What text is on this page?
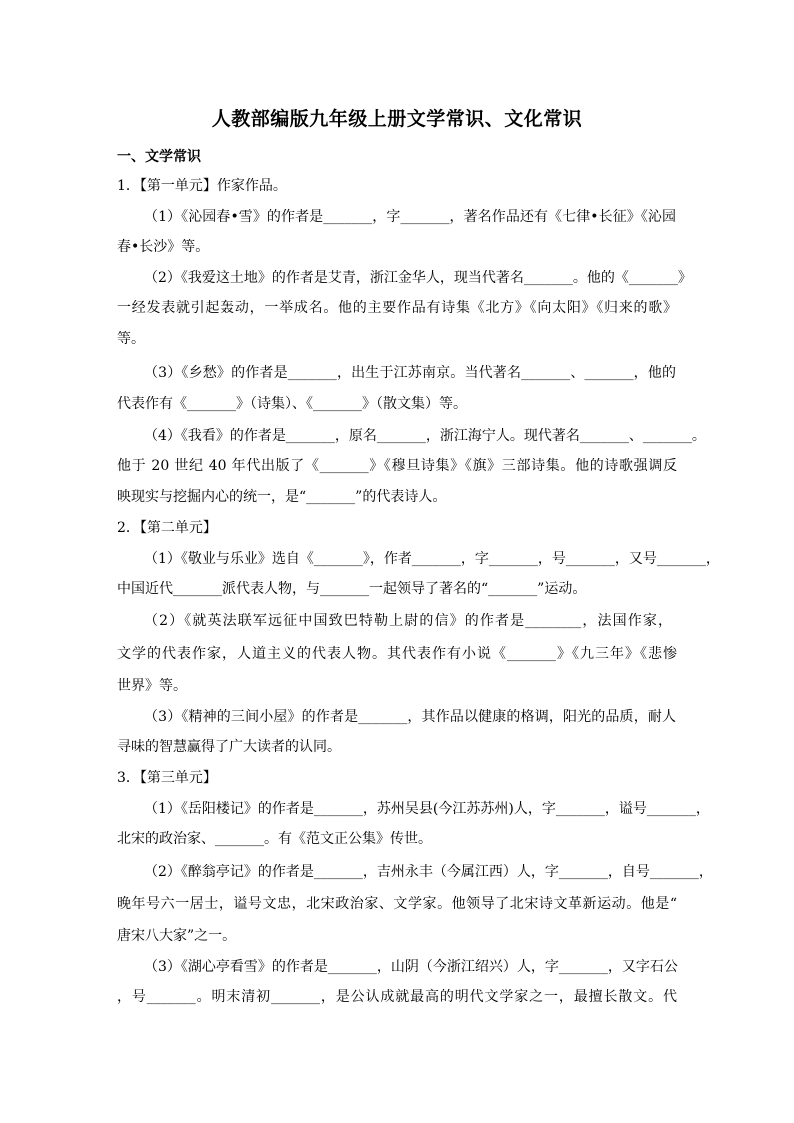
人教部编版九年级上册文学常识、文化常识
一、文学常识
1．【第一单元】作家作品。
（1）《沁园春•雪》的作者是_______，字_______，著名作品还有《七律•长征》《沁园
春•长沙》等。
（2）《我爱这土地》的作者是艾青，浙江金华人，现当代著名_______。他的《_______》
一经发表就引起轰动，一举成名。他的主要作品有诗集《北方》《向太阳》《归来的歌》
等。
（3）《乡愁》的作者是_______，出生于江苏南京。当代著名_______、_______，他的
代表作有《_______》（诗集）、《_______》（散文集）等。
（4）《我看》的作者是_______，原名_______，浙江海宁人。现代著名_______、_______。
他于 20 世纪 40 年代出版了《_______》《穆旦诗集》《旗》三部诗集。他的诗歌强调反
映现实与挖掘内心的统一，是“_______”的代表诗人。
2．【第二单元】
（1）《敬业与乐业》选自《_______》，作者_______，字_______，号_______，又号_______，
中国近代_______派代表人物，与_______一起领导了著名的“_______”运动。
（2）《就英法联军远征中国致巴特勒上尉的信》的作者是________，法国作家，
文学的代表作家，人道主义的代表人物。其代表作有小说《_______》《九三年》《悲惨
世界》等。
（3）《精神的三间小屋》的作者是_______，其作品以健康的格调，阳光的品质，耐人
寻味的智慧赢得了广大读者的认同。
3．【第三单元】
（1）《岳阳楼记》的作者是_______，苏州吴县(今江苏苏州)人，字_______，谥号_______，
北宋的政治家、_______。有《范文正公集》传世。
（2）《醉翁亭记》的作者是_______，吉州永丰（今属江西）人，字_______，自号_______，
晚年号六一居士，谥号文忠，北宋政治家、文学家。他领导了北宋诗文革新运动。他是“
唐宋八大家”之一。
（3）《湖心亭看雪》的作者是_______，山阴（今浙江绍兴）人，字_______，又字石公
，号_______。明末清初_______，是公认成就最高的明代文学家之一，最擅长散文。代
